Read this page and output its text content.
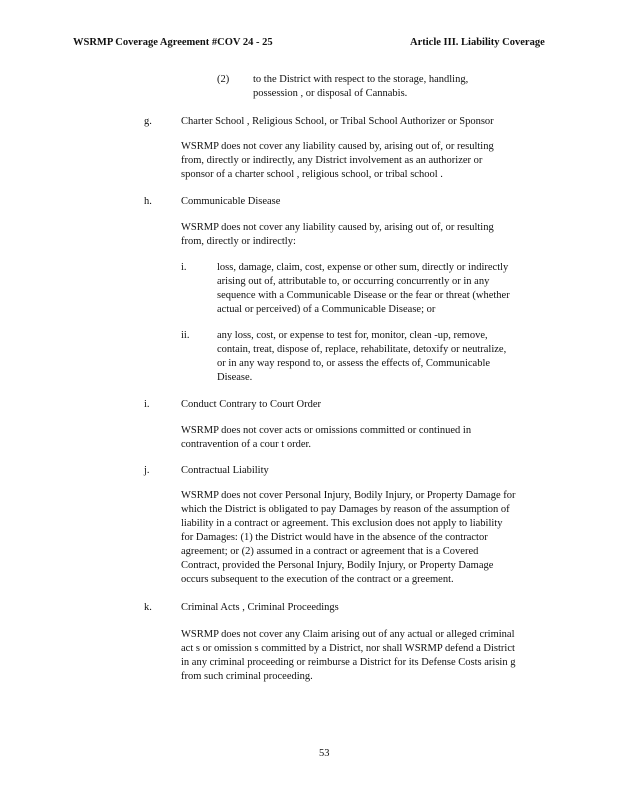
WSRMP Coverage Agreement #COV 24 - 25	Article III. Liability Coverage
(2) to the District with respect to the storage, handling,
possession , or disposal of Cannabis.
g.	Charter School , Religious School, or Tribal School Authorizer or Sponsor
WSRMP does not cover any liability caused by, arising out of, or resulting
from, directly or indirectly, any District involvement as an authorizer or
sponsor of a charter school , religious school, or tribal school .
h.	Communicable Disease
WSRMP does not cover any liability caused by, arising out of, or resulting
from, directly or indirectly:
i.	loss, damage, claim, cost, expense or other sum, directly or indirectly
arising out of, attributable to, or occurring concurrently or in any
sequence with a Communicable Disease or the fear or threat (whether
actual or perceived) of a Communicable Disease; or
ii.	any loss, cost, or expense to test for, monitor, clean -up, remove,
contain, treat, dispose of, replace, rehabilitate, detoxify or neutralize,
or in any way respond to, or assess the effects of, Communicable
Disease.
i.	Conduct Contrary to Court Order
WSRMP does not cover acts or omissions committed or continued in
contravention of a cour t order.
j.	Contractual Liability
WSRMP does not cover Personal Injury, Bodily Injury, or Property Damage for
which the District is obligated to pay Damages by reason of the assumption of
liability in a contract or agreement. This exclusion does not apply to liability
for Damages: (1) the District would have in the absence of the contractor
agreement; or (2) assumed in a contract or agreement that is a Covered
Contract, provided the Personal Injury, Bodily Injury, or Property Damage
occurs subsequent to the execution of the contract or a greement.
k.	Criminal Acts , Criminal Proceedings
WSRMP does not cover any Claim arising out of any actual or alleged criminal
act s or omission s committed by a District, nor shall WSRMP defend a District
in any criminal proceeding or reimburse a District for its Defense Costs arisin g
from such criminal proceeding.
53
